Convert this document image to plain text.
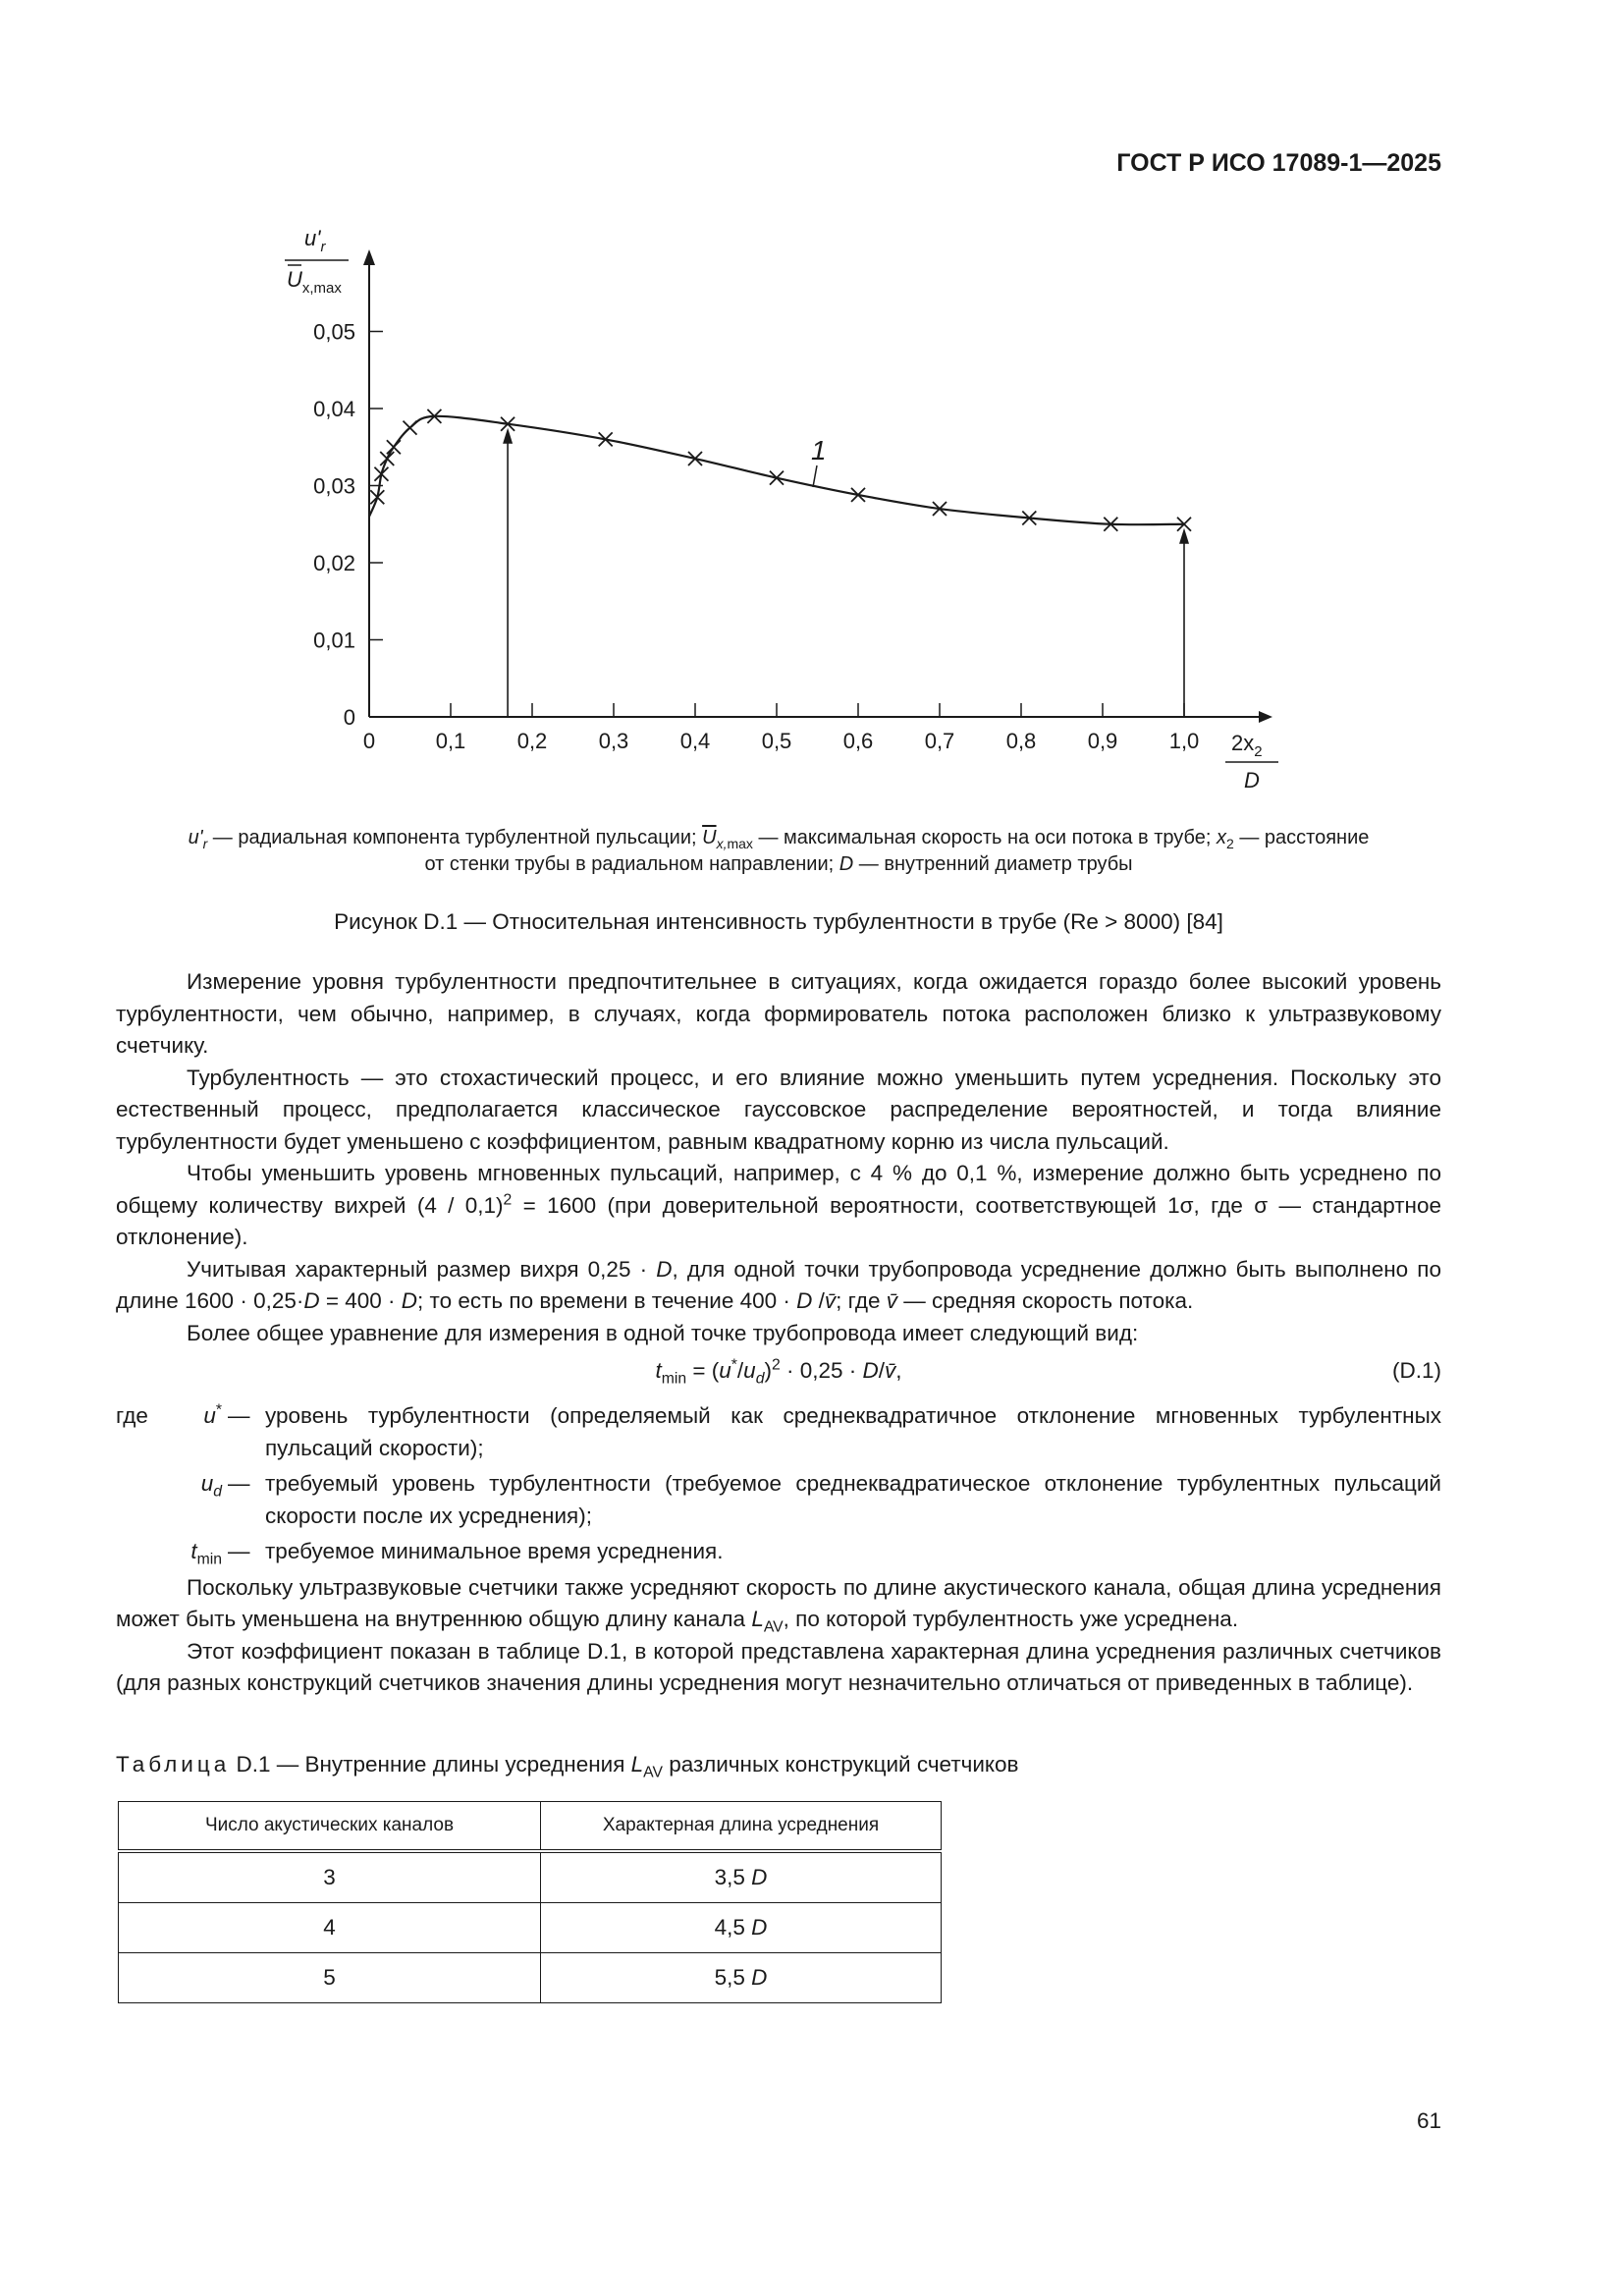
ГОСТ Р ИСО 17089-1—2025
$u'_r$
$U_{x,max}$
$2x_2$
D
0	0,1 0,2 0,3 0,4 0,5 0,6 0,7 0,8 0,9 1,0
0
0,01
0,02
0,03
0,04
0,05
1
$u'_r$ — радиальная компонента турбулентной пульсации; $\overline{U}_{x,max}$ — максимальная скорость на оси потока в трубе; $x_2$ — расстояние
от стенки трубы в радиальном направлении; D — внутренний диаметр трубы
Рисунок D.1 — Относительная интенсивность турбулентности в трубе (Re > 8000) [84]

Измерение уровня турбулентности предпочтительнее в ситуациях, когда ожидается гораздо более высокий уровень турбулентности, чем обычно, например, в случаях, когда формирователь потока расположен близко к ультразвуковому счетчику.

Турбулентность — это стохастический процесс, и его влияние можно уменьшить путем усреднения. Поскольку это естественный процесс, предполагается классическое гауссовское распределение вероятностей, и тогда влияние турбулентности будет уменьшено с коэффициентом, равным квадратному корню из числа пульсаций.

Чтобы уменьшить уровень мгновенных пульсаций, например, с 4 % до 0,1 %, измерение должно быть усреднено по общему количеству вихрей (4 / 0,1)$^2$ = 1600 (при доверительной вероятности, соответствующей 1σ, где σ — стандартное отклонение).

Учитывая характерный размер вихря 0,25 · D, для одной точки трубопровода усреднение должно быть выполнено по длине 1600 · 0,25·D = 400 · D; то есть по времени в течение 400 · D /v̄; где v̄ — средняя скорость потока.

Более общее уравнение для измерения в одной точке трубопровода имеет следующий вид:

$t_{min} = (u^*/u_d)^2 \cdot 0,25$ · D/v̄,	(D.1)
где	u* — уровень турбулентности (определяемый как среднеквадратичное отклонение мгновенных турбулентных пульсаций скорости);
$u_d$ — требуемый уровень турбулентности (требуемое среднеквадратическое отклонение турбулентных пульсаций скорости после их усреднения);
$t_{min}$ — требуемое минимальное время усреднения.

Поскольку ультразвуковые счетчики также усредняют скорость по длине акустического канала, общая длина усреднения может быть уменьшена на внутреннюю общую длину канала $L_{AV}$, по которой турбулентность уже усреднена.

Этот коэффициент показан в таблице D.1, в которой представлена характерная длина усреднения различных счетчиков (для разных конструкций счетчиков значения длины усреднения могут незначительно отличаться от приведенных в таблице).

Таблица D.1 — Внутренние длины усреднения $L_{AV}$ различных конструкций счетчиков
Число акустических каналов	Характерная длина усреднения
3	3,5 D
4	4,5 D
5	5,5 D
61
